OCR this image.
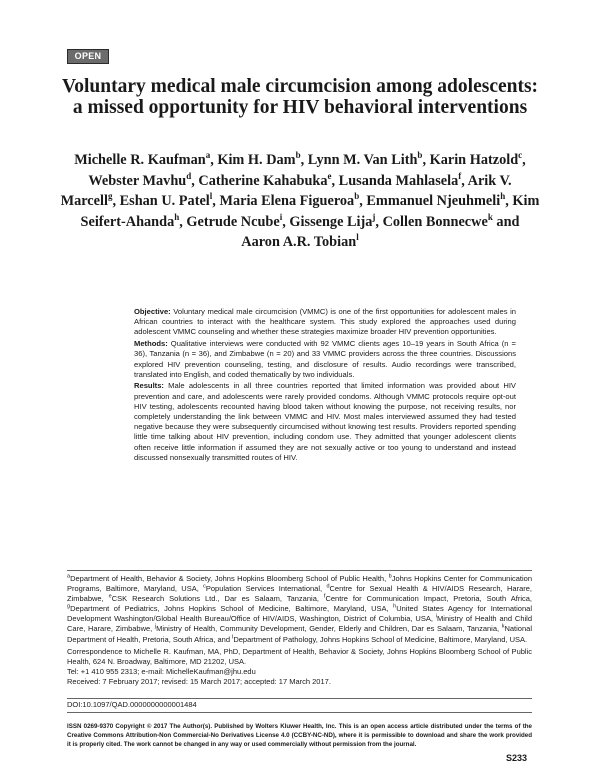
OPEN
Voluntary medical male circumcision among adolescents: a missed opportunity for HIV behavioral interventions
Michelle R. Kaufman$^a$, Kim H. Dam$^b$, Lynn M. Van Lith$^b$, Karin Hatzold$^c$, Webster Mavhu$^d$, Catherine Kahabuka$^e$, Lusanda Mahlasela$^f$, Arik V. Marcell$^g$, Eshan U. Patel$^l$, Maria Elena Figueroa$^b$, Emmanuel Njeuhmeli$^h$, Kim Seifert-Ahanda$^h$, Getrude Ncube$^i$, Gissenge Lija$^j$, Collen Bonnecwe$^k$ and Aaron A.R. Tobian$^l$

Objective: Voluntary medical male circumcision (VMMC) is one of the first opportunities for adolescent males in African countries to interact with the healthcare system. This study explored the approaches used during adolescent VMMC counseling and whether these strategies maximize broader HIV prevention opportunities.

Methods: Qualitative interviews were conducted with 92 VMMC clients ages 10–19 years in South Africa (n = 36), Tanzania (n = 36), and Zimbabwe (n = 20) and 33 VMMC providers across the three countries. Discussions explored HIV prevention counseling, testing, and disclosure of results. Audio recordings were transcribed, translated into English, and coded thematically by two individuals.

Results: Male adolescents in all three countries reported that limited information was provided about HIV prevention and care, and adolescents were rarely provided condoms. Although VMMC protocols require opt-out HIV testing, adolescents recounted having blood taken without knowing the purpose, not receiving results, nor completely understanding the link between VMMC and HIV. Most males interviewed assumed they had tested negative because they were subsequently circumcised without knowing test results. Providers reported spending little time talking about HIV prevention, including condom use. They admitted that younger adolescent clients often receive little information if assumed they are not sexually active or too young to understand and instead discussed nonsexually transmitted routes of HIV.

$^a$Department of Health, Behavior & Society, Johns Hopkins Bloomberg School of Public Health, $^b$Johns Hopkins Center for Communication Programs, Baltimore, Maryland, USA, $^c$Population Services International, $^d$Centre for Sexual Health & HIV/AIDS Research, Harare, Zimbabwe, $^e$CSK Research Solutions Ltd., Dar es Salaam, Tanzania, $^f$Centre for Communication Impact, Pretoria, South Africa, $^g$Department of Pediatrics, Johns Hopkins School of Medicine, Baltimore, Maryland, USA, $^h$United States Agency for International Development Washington/Global Health Bureau/Office of HIV/AIDS, Washington, District of Columbia, USA, $^i$Ministry of Health and Child Care, Harare, Zimbabwe, $^j$Ministry of Health, Community Development, Gender, Elderly and Children, Dar es Salaam, Tanzania, $^k$National Department of Health, Pretoria, South Africa, and $^l$Department of Pathology, Johns Hopkins School of Medicine, Baltimore, Maryland, USA.

Correspondence to Michelle R. Kaufman, MA, PhD, Department of Health, Behavior & Society, Johns Hopkins Bloomberg School of Public Health, 624 N. Broadway, Baltimore, MD 21202, USA.

Tel: +1 410 955 2313; e-mail: MichelleKaufman@jhu.edu

Received: 7 February 2017; revised: 15 March 2017; accepted: 17 March 2017.

DOI:10.1097/QAD.0000000000001484
ISSN 0269-9370 Copyright © 2017 The Author(s). Published by Wolters Kluwer Health, Inc. This is an open access article distributed under the terms of the Creative Commons Attribution-Non Commercial-No Derivatives License 4.0 (CCBY-NC-ND), where it is permissible to download and share the work provided it is properly cited. The work cannot be changed in any way or used commercially without permission from the journal.
S233
